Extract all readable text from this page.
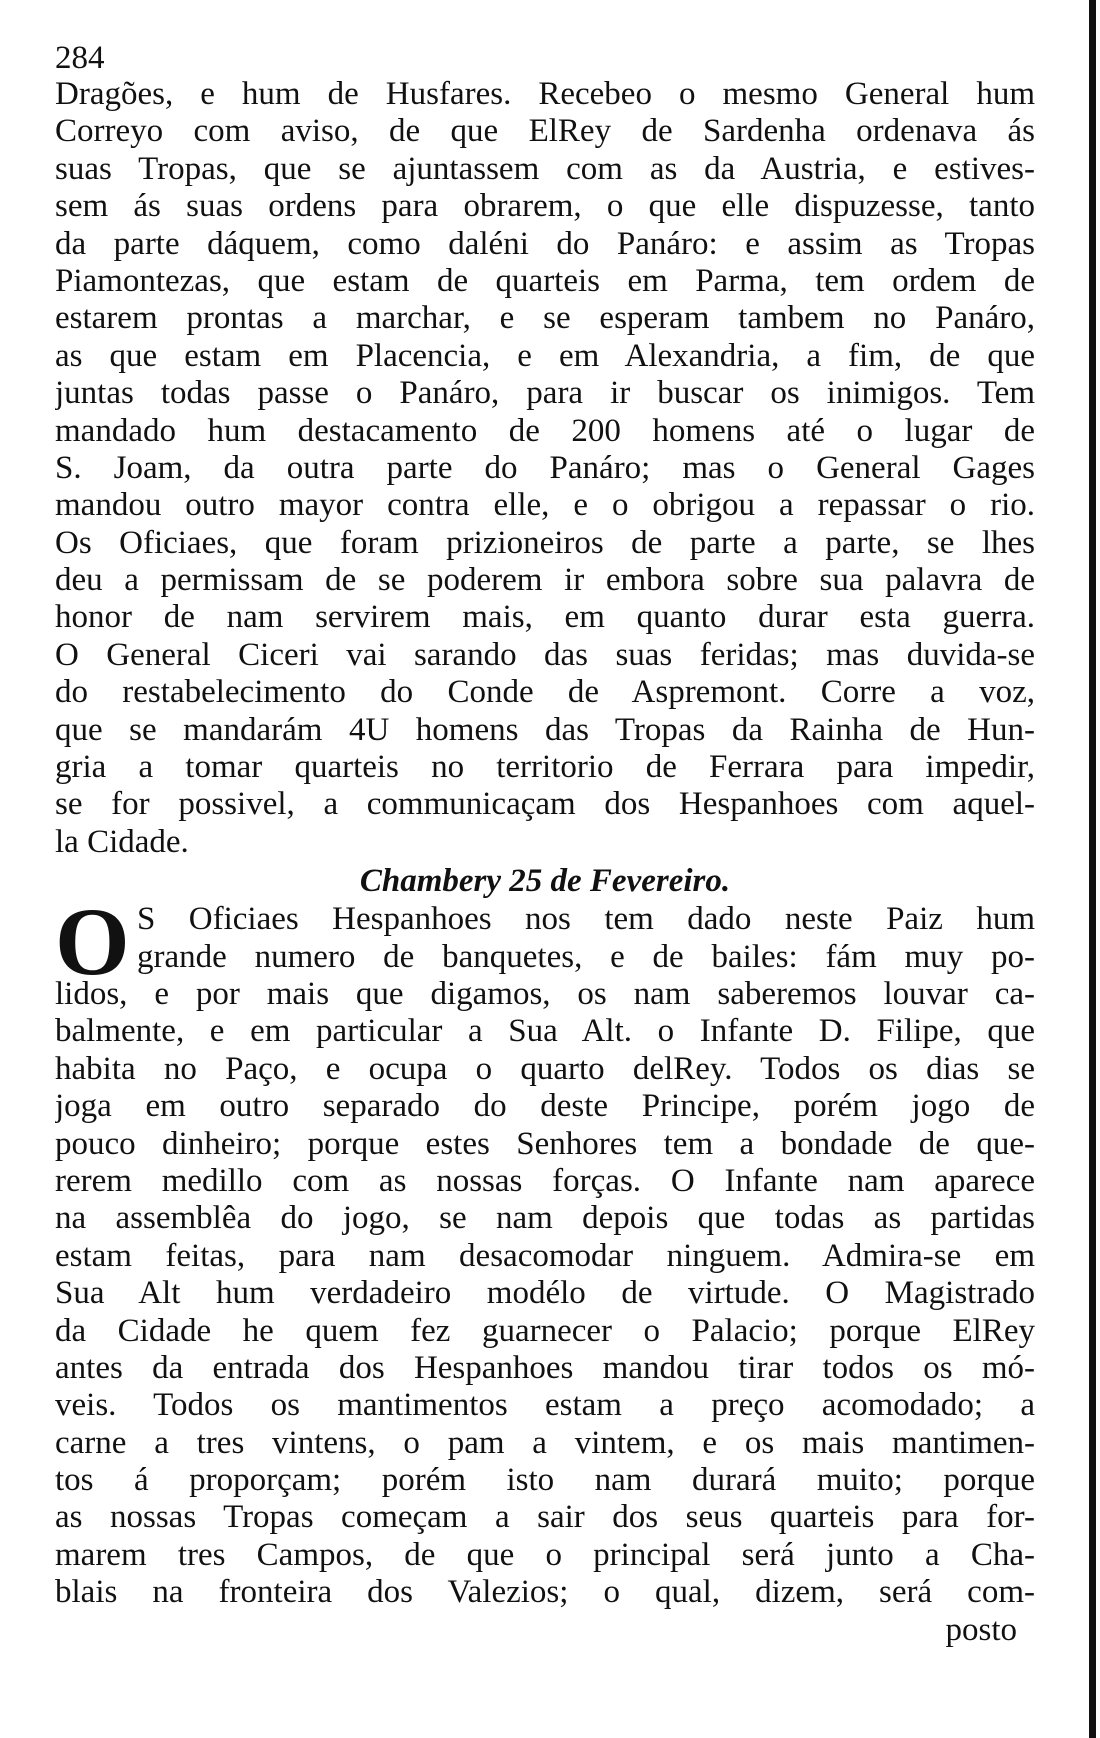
284
Dragões, e hum de Husfares. Recebeo o mesmo General hum
Correyo com aviso, de que ElRey de Sardenha ordenava ás
suas Tropas, que se ajuntassem com as da Austria, e estives-
sem ás suas ordens para obrarem, o que elle dispuzesse, tanto
da parte dáquem, como daléni do Panáro: e assim as Tropas
Piamontezas, que estam de quarteis em Parma, tem ordem de
estarem prontas a marchar, e se esperam tambem no Panáro,
as que estam em Placencia, e em Alexandria, a fim, de que
juntas todas passe o Panáro, para ir buscar os inimigos. Tem
mandado hum destacamento de 200 homens até o lugar de
S. Joam, da outra parte do Panáro; mas o General Gages
mandou outro mayor contra elle, e o obrigou a repassar o rio.
Os Oficiaes, que foram prizioneiros de parte a parte, se lhes
deu a permissam de se poderem ir embora sobre sua palavra de
honor de nam servirem mais, em quanto durar esta guerra.
O General Ciceri vai sarando das suas feridas; mas duvida-se
do restabelecimento do Conde de Aspremont. Corre a voz,
que se mandarám 4U homens das Tropas da Rainha de Hun-
gria a tomar quarteis no territorio de Ferrara para impedir,
se for possivel, a communicaçam dos Hespanhoes com aquel-
la Cidade.
Chambery 25 de Fevereiro.
O S Oficiaes Hespanhoes nos tem dado neste Paiz hum
grande numero de banquetes, e de bailes: fám muy po-
lidos, e por mais que digamos, os nam saberemos louvar ca-
balmente, e em particular a Sua Alt. o Infante D. Filipe, que
habita no Paço, e ocupa o quarto delRey. Todos os dias se
joga em outro separado do deste Principe, porém jogo de
pouco dinheiro; porque estes Senhores tem a bondade de que-
rerem medillo com as nossas forças. O Infante nam aparece
na assemblêa do jogo, se nam depois que todas as partidas
estam feitas, para nam desacomodar ninguem. Admira-se em
Sua Alt hum verdadeiro modélo de virtude. O Magistrado
da Cidade he quem fez guarnecer o Palacio; porque ElRey
antes da entrada dos Hespanhoes mandou tirar todos os mó-
veis. Todos os mantimentos estam a preço acomodado; a
carne a tres vintens, o pam a vintem, e os mais mantimen-
tos á proporçam; porém isto nam durará muito; porque
as nossas Tropas começam a sair dos seus quarteis para for-
marem tres Campos, de que o principal será junto a Cha-
blais na fronteira dos Valezios; o qual, dizem, será com-
posto
